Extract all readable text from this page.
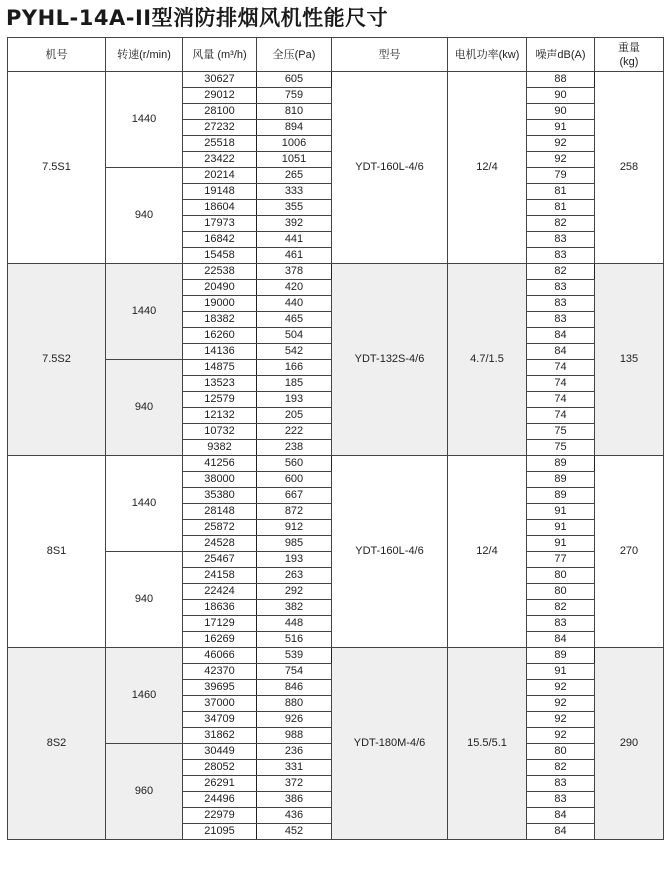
PYHL-14A-II型消防排烟风机性能尺寸
机号	转速(r/min)	风量 (m³/h)	全压(Pa)	型号	电机功率(kw)	噪声dB(A)	重量
(kg)
7.5S1	1440	30627	605	YDT-160L-4/6	12/4	88	258
		29012	759			90	
		28100	810			90	
		27232	894			91	
		25518	1006			92	
		23422	1051			92	
	940	20214	265			79	
		19148	333			81	
		18604	355			81	
		17973	392			82	
		16842	441			83	
		15458	461			83	
7.5S2	1440	22538	378	YDT-132S-4/6	4.7/1.5	82	135
		20490	420			83	
		19000	440			83	
		18382	465			83	
		16260	504			84	
		14136	542			84	
	940	14875	166			74	
		13523	185			74	
		12579	193			74	
		12132	205			74	
		10732	222			75	
		9382	238			75	
8S1	1440	41256	560	YDT-160L-4/6	12/4	89	270
		38000	600			89	
		35380	667			89	
		28148	872			91	
		25872	912			91	
		24528	985			91	
	940	25467	193			77	
		24158	263			80	
		22424	292			80	
		18636	382			82	
		17129	448			83	
		16269	516			84	
8S2	1460	46066	539	YDT-180M-4/6	15.5/5.1	89	290
		42370	754			91	
		39695	846			92	
		37000	880			92	
		34709	926			92	
		31862	988			92	
	960	30449	236			80	
		28052	331			82	
		26291	372			83	
		24496	386			83	
		22979	436			84	
		21095	452			84	
